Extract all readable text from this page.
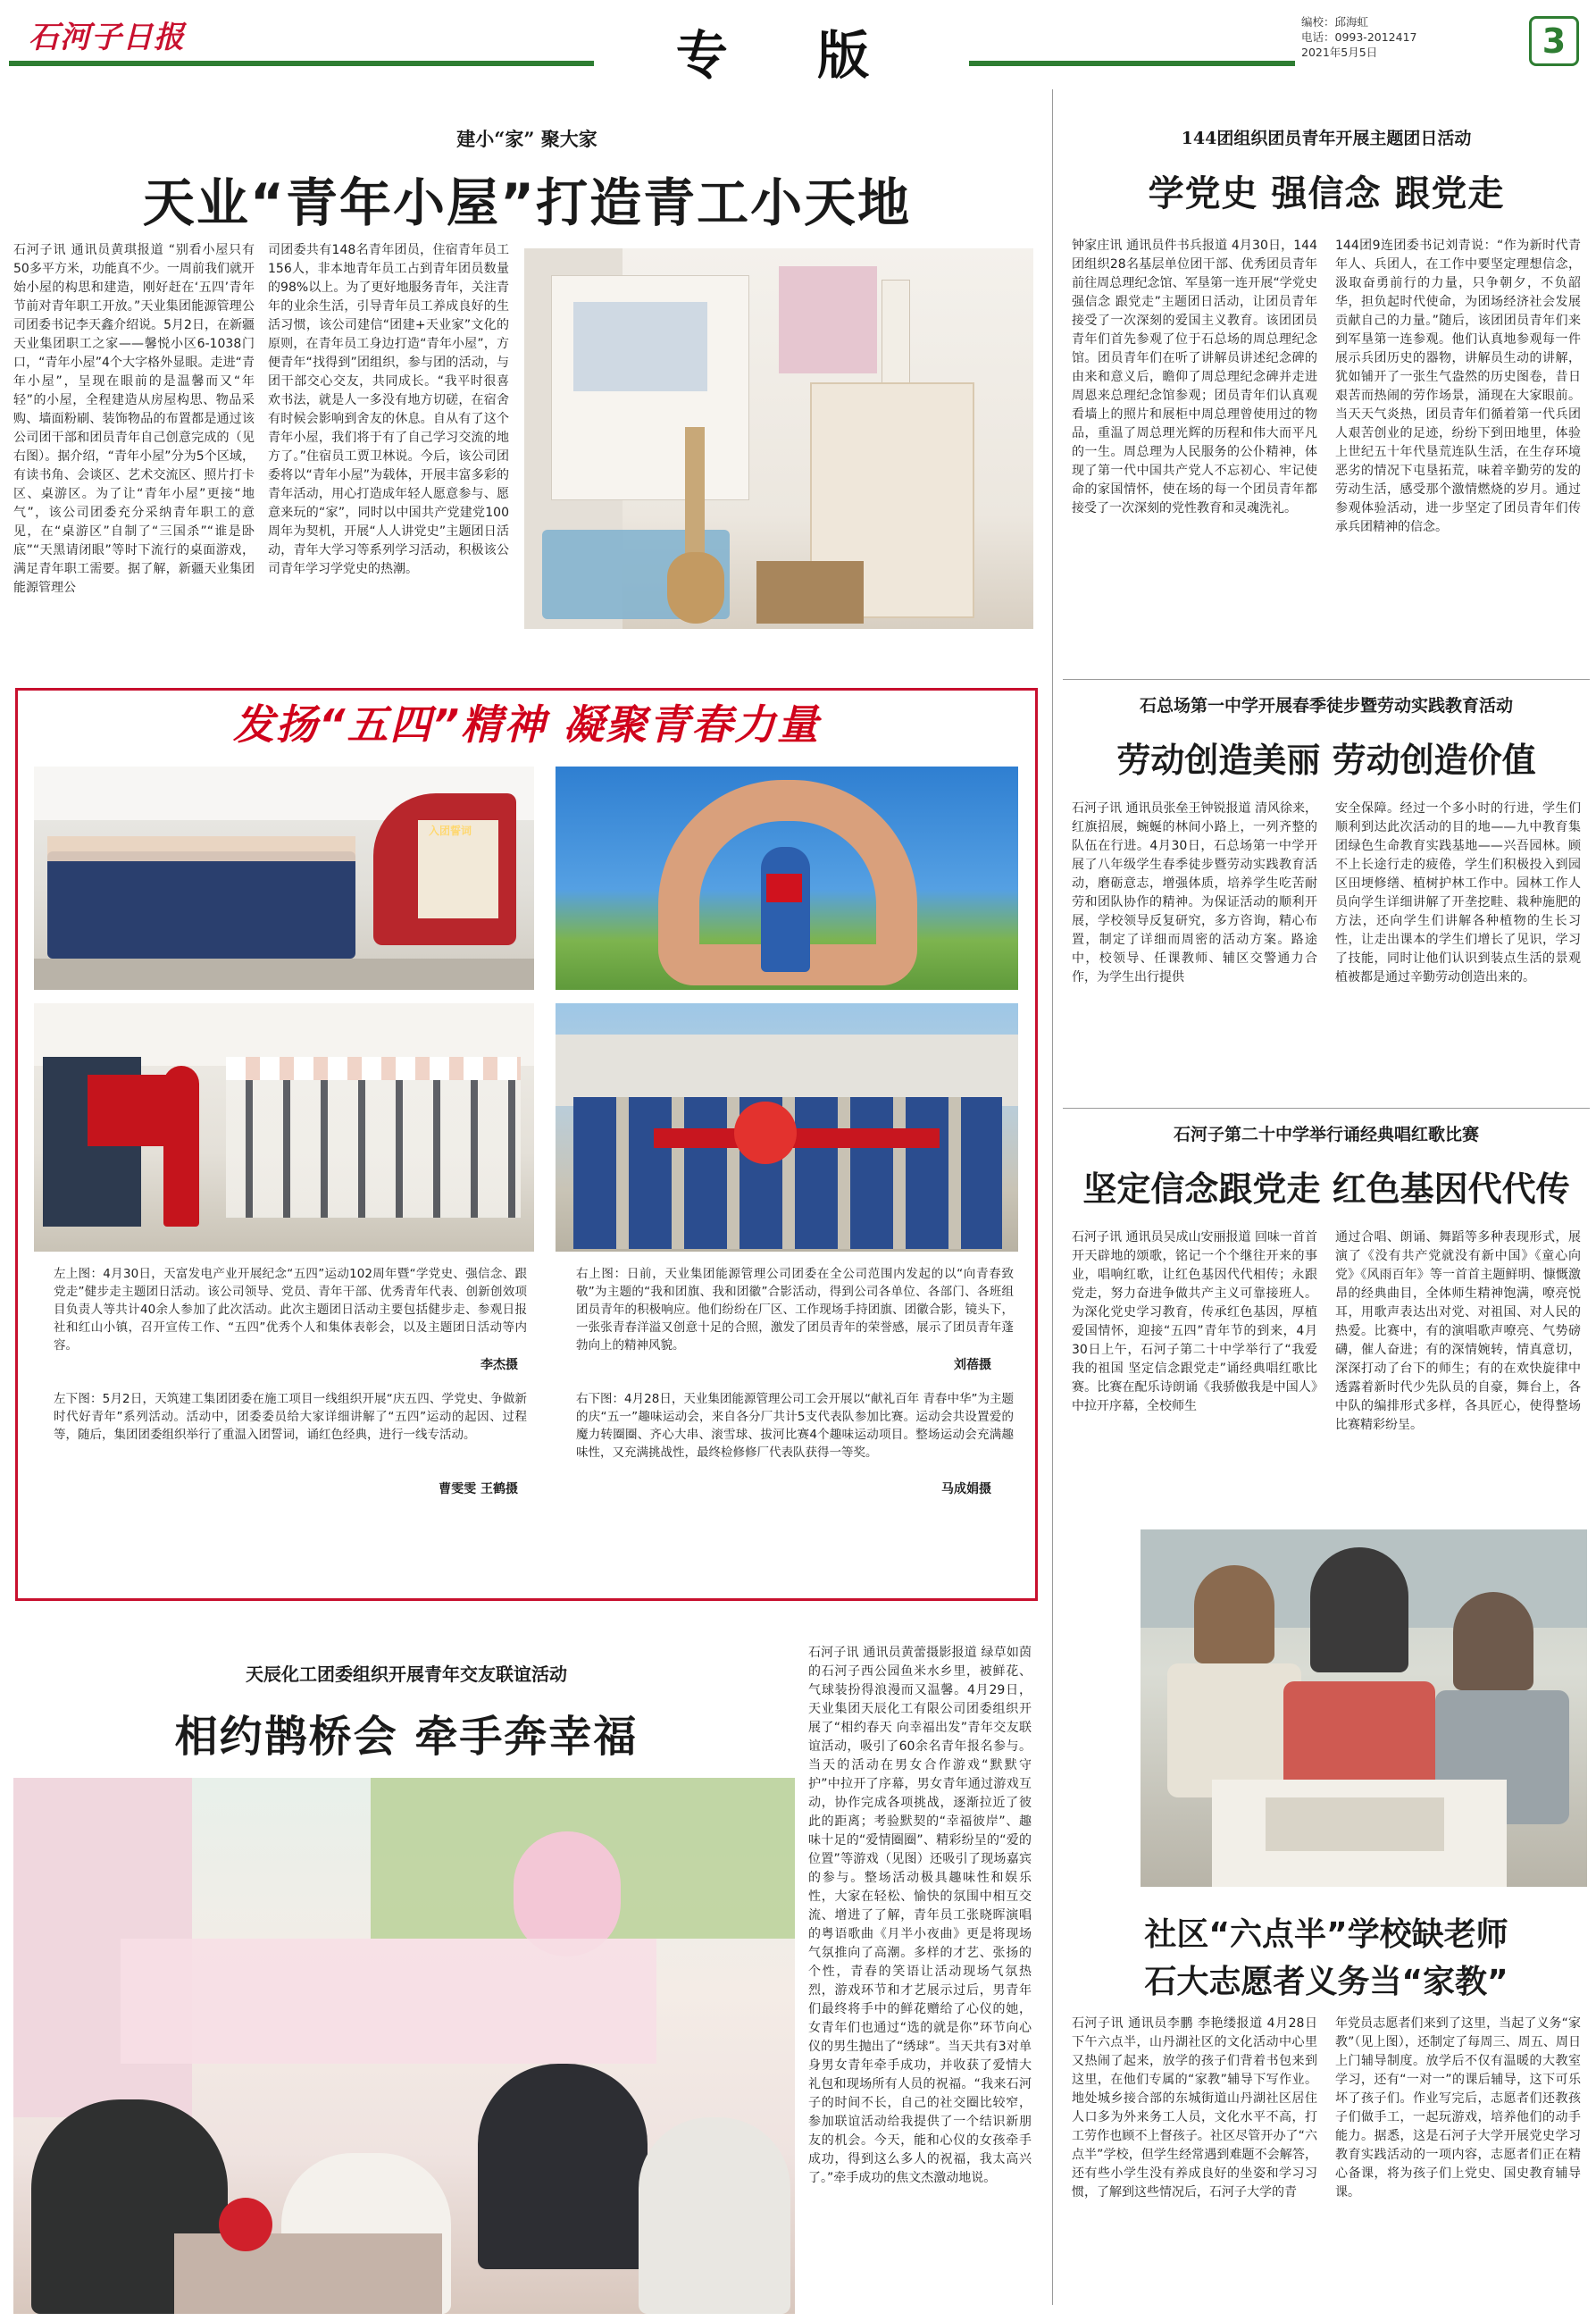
石河子日报	专 版
编校：邱海虹
电话：0993-2012417
2021年5月5日	3
建小“家” 聚大家
天业“青年小屋”打造青工小天地
石河子讯 通讯员黄琪报道 “别看小屋只有50多平方米，功能真不少。一周前我们就开始小屋的构思和建造，刚好赶在‘五四’青年节前对青年职工开放。”天业集团能源管理公司团委书记李天鑫介绍说。5月2日，在新疆天业集团职工之家——馨悦小区6-1038门口，“青年小屋”4个大字格外显眼。走进“青年小屋”，呈现在眼前的是温馨而又“年轻”的小屋，全程建造从房屋构思、物品采购、墙面粉刷、装饰物品的布置都是通过该公司团干部和团员青年自己创意完成的（见右图）。据介绍，“青年小屋”分为5个区域，有读书角、会谈区、艺术交流区、照片打卡区、桌游区。为了让“青年小屋”更接“地气”，该公司团委充分采纳青年职工的意见，在“桌游区”自制了“三国杀”“谁是卧底”“天黑请闭眼”等时下流行的桌面游戏，满足青年职工需要。据了解，新疆天业集团能源管理公
司团委共有148名青年团员，住宿青年员工156人，非本地青年员工占到青年团员数量的98%以上。为了更好地服务青年，关注青年的业余生活，引导青年员工养成良好的生活习惯，该公司建信“团建+天业家”文化的原则，在青年员工身边打造“青年小屋”，方便青年“找得到”团组织，参与团的活动，与团干部交心交友，共同成长。“我平时很喜欢书法，就是人一多没有地方切磋，在宿舍有时候会影响到舍友的休息。自从有了这个青年小屋，我们将于有了自己学习交流的地方了。”住宿员工贾卫林说。今后，该公司团委将以“青年小屋”为载体，开展丰富多彩的青年活动，用心打造成年轻人愿意参与、愿意来玩的“家”，同时以中国共产党建党100周年为契机，开展“人人讲党史”主题团日活动，青年大学习等系列学习活动，积极该公司青年学习学党史的热潮。
144团组织团员青年开展主题团日活动
学党史 强信念 跟党走
钟家庄讯 通讯员件书兵报道 4月30日，144团组织28名基层单位团干部、优秀团员青年前往周总理纪念馆、军垦第一连开展“学党史 强信念 跟党走”主题团日活动，让团员青年接受了一次深刻的爱国主义教育。该团团员青年们首先参观了位于石总场的周总理纪念馆。团员青年们在听了讲解员讲述纪念碑的由来和意义后，瞻仰了周总理纪念碑并走进周恩来总理纪念馆参观；团员青年们认真观看墙上的照片和展柜中周总理曾使用过的物品，重温了周总理光辉的历程和伟大而平凡的一生。周总理为人民服务的公仆精神，体现了第一代中国共产党人不忘初心、牢记使命的家国情怀，使在场的每一个团员青年都接受了一次深刻的党性教育和灵魂洗礼。
144团9连团委书记刘青说：“作为新时代青年人、兵团人，在工作中要坚定理想信念，汲取奋勇前行的力量，只争朝夕，不负韶华，担负起时代使命，为团场经济社会发展贡献自己的力量。”随后，该团团员青年们来到军垦第一连参观。他们认真地参观每一件展示兵团历史的器物，讲解员生动的讲解，犹如铺开了一张生气盎然的历史图卷，昔日艰苦而热闹的劳作场景，涌现在大家眼前。当天天气炎热，团员青年们循着第一代兵团人艰苦创业的足迹，纷纷下到田地里，体验上世纪五十年代垦荒连队生活，在生存环境恶劣的情况下屯垦拓荒，味着辛勤劳的发的劳动生活，感受那个激情燃烧的岁月。通过参观体验活动，进一步坚定了团员青年们传承兵团精神的信念。
石总场第一中学开展春季徒步暨劳动实践教育活动
劳动创造美丽 劳动创造价值
石河子讯 通讯员张垒王钟锐报道 清风徐来，红旗招展，蜿蜒的林间小路上，一列齐整的队伍在行进。4月30日，石总场第一中学开展了八年级学生春季徒步暨劳动实践教育活动，磨砺意志，增强体质，培养学生吃苦耐劳和团队协作的精神。为保证活动的顺利开展，学校领导反复研究，多方咨询，精心布置，制定了详细而周密的活动方案。路途中，校领导、任课教师、辅区交警通力合作，为学生出行提供
安全保障。经过一个多小时的行进，学生们顺利到达此次活动的目的地——九中教育集团绿色生命教育实践基地——兴吾园林。顾不上长途行走的疲倦，学生们积极投入到园区田埂修缮、植树护林工作中。园林工作人员向学生详细讲解了开垄挖畦、栽种施肥的方法，还向学生们讲解各种植物的生长习性，让走出课本的学生们增长了见识，学习了技能，同时让他们认识到装点生活的景观植被都是通过辛勤劳动创造出来的。
石河子第二十中学举行诵经典唱红歌比赛
坚定信念跟党走 红色基因代代传
石河子讯 通讯员吴成山安丽报道 回味一首首开天辟地的颂歌，铭记一个个继往开来的事业，唱响红歌，让红色基因代代相传；永跟党走，努力奋进争做共产主义可靠接班人。为深化党史学习教育，传承红色基因，厚植爱国情怀，迎接“五四”青年节的到来，4月30日上午，石河子第二十中学举行了“我爱我的祖国 坚定信念跟党走”诵经典唱红歌比赛。比赛在配乐诗朗诵《我骄傲我是中国人》中拉开序幕，全校师生
通过合唱、朗诵、舞蹈等多种表现形式，展演了《没有共产党就没有新中国》《童心向党》《风雨百年》等一首首主题鲜明、慷慨激昂的经典曲目，全体师生精神饱满，嘹亮悦耳，用歌声表达出对党、对祖国、对人民的热爱。比赛中，有的演唱歌声嘹亮、气势磅礴，催人奋进；有的深情婉转，情真意切，深深打动了台下的师生；有的在欢快旋律中透露着新时代少先队员的自豪，舞台上，各中队的编排形式多样，各具匠心，使得整场比赛精彩纷呈。
社区“六点半”学校缺老师
石大志愿者义务当“家教”
石河子讯 通讯员李鹏 李艳缕报道 4月28日下午六点半，山丹湖社区的文化活动中心里又热闹了起来，放学的孩子们背着书包来到这里，在他们专属的“家教”辅导下写作业。地处城乡接合部的东城街道山丹湖社区居住人口多为外来务工人员，文化水平不高，打工劳作也顾不上督孩子。社区尽管开办了“六点半”学校，但学生经常遇到难题不会解答，还有些小学生没有养成良好的坐姿和学习习惯，了解到这些情况后，石河子大学的青
年党员志愿者们来到了这里，当起了义务“家教”（见上图），还制定了每周三、周五、周日上门辅导制度。放学后不仅有温暖的大教室学习，还有“一对一”的课后辅导，这下可乐坏了孩子们。作业写完后，志愿者们还教孩子们做手工，一起玩游戏，培养他们的动手能力。据悉，这是石河子大学开展党史学习教育实践活动的一项内容，志愿者们正在精心备课，将为孩子们上党史、国史教育辅导课。
发扬“五四”精神 凝聚青春力量
左上图：4月30日，天富发电产业开展纪念“五四”运动102周年暨“学党史、强信念、跟党走”健步走主题团日活动。该公司领导、党员、青年干部、优秀青年代表、创新创效项目负责人等共计40余人参加了此次活动。此次主题团日活动主要包括健步走、参观日报社和红山小镇，召开宣传工作、“五四”优秀个人和集体表彰会，以及主题团日活动等内容。
李杰摄
右上图：日前，天业集团能源管理公司团委在全公司范围内发起的以“向青春致敬”为主题的“我和团旗、我和团徽”合影活动，得到公司各单位、各部门、各班组团员青年的积极响应。他们纷纷在厂区、工作现场手持团旗、团徽合影，镜头下，一张张青春洋溢又创意十足的合照，激发了团员青年的荣誉感，展示了团员青年蓬勃向上的精神风貌。
刘蓓摄
左下图：5月2日，天筑建工集团团委在施工项目一线组织开展“庆五四、学党史、争做新时代好青年”系列活动。活动中，团委委员给大家详细讲解了“五四”运动的起因、过程等，随后，集团团委组织举行了重温入团誓词，诵红色经典，进行一线专活动。
曹雯雯 王鹤摄
右下图：4月28日，天业集团能源管理公司工会开展以“献礼百年 青春中华”为主题的庆“五一”趣味运动会，来自各分厂共计5支代表队参加比赛。运动会共设置爱的魔力转圈圈、齐心大串、滚雪球、拔河比赛4个趣味运动项目。整场运动会充满趣味性，又充满挑战性，最终检修修厂代表队获得一等奖。
马成娟摄
入团誓词
天辰化工团委组织开展青年交友联谊活动
相约鹊桥会 牵手奔幸福
石河子讯 通讯员黄蕾摄影报道 绿草如茵的石河子西公园鱼米水乡里，被鲜花、气球装扮得浪漫而又温馨。4月29日，天业集团天辰化工有限公司团委组织开展了“相约春天 向幸福出发”青年交友联谊活动，吸引了60余名青年报名参与。当天的活动在男女合作游戏“默默守护”中拉开了序幕，男女青年通过游戏互动，协作完成各项挑战，逐渐拉近了彼此的距离；考验默契的“幸福彼岸”、趣味十足的“爱情圈圈”、精彩纷呈的“爱的位置”等游戏（见图）还吸引了现场嘉宾的参与。整场活动极具趣味性和娱乐性，大家在轻松、愉快的氛围中相互交流、增进了了解，青年员工张晓晖演唱的粤语歌曲《月半小夜曲》更是将现场气氛推向了高潮。多样的才艺、张扬的个性，青春的笑语让活动现场气氛热烈，游戏环节和才艺展示过后，男青年们最终将手中的鲜花赠给了心仪的她，女青年们也通过“选的就是你”环节向心仪的男生抛出了“绣球”。当天共有3对单身男女青年牵手成功，并收获了爱情大礼包和现场所有人员的祝福。“我来石河子的时间不长，自己的社交圈比较窄，参加联谊活动给我提供了一个结识新朋友的机会。今天，能和心仪的女孩牵手成功，得到这么多人的祝福，我太高兴了。”牵手成功的焦文杰激动地说。
